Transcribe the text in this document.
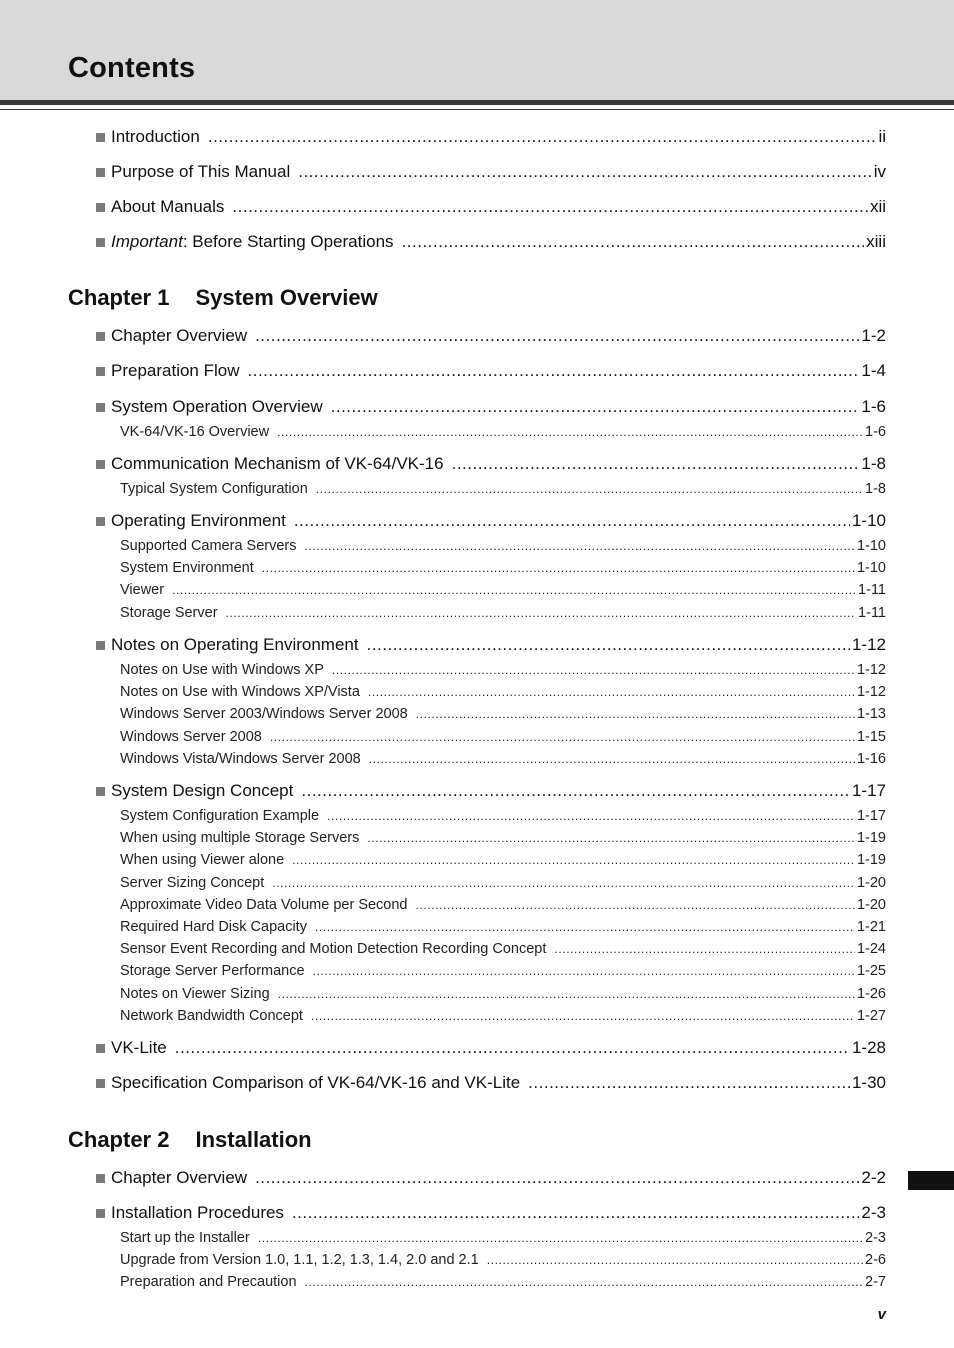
Contents
Introduction .....	ii
Purpose of This Manual .....	iv
About Manuals .....	xii
Important: Before Starting Operations .....	xiii
Chapter 1 System Overview
Chapter Overview .....	1-2
Preparation Flow .....	1-4
System Operation Overview .....	1-6
VK-64/VK-16 Overview .....	1-6
Communication Mechanism of VK-64/VK-16 .....	1-8
Typical System Configuration .....	1-8
Operating Environment .....	1-10
Supported Camera Servers .....	1-10
System Environment .....	1-10
Viewer .....	1-11
Storage Server .....	1-11
Notes on Operating Environment .....	1-12
Notes on Use with Windows XP .....	1-12
Notes on Use with Windows XP/Vista .....	1-12
Windows Server 2003/Windows Server 2008 .....	1-13
Windows Server 2008 .....	1-15
Windows Vista/Windows Server 2008 .....	1-16
System Design Concept .....	1-17
System Configuration Example .....	1-17
When using multiple Storage Servers .....	1-19
When using Viewer alone .....	1-19
Server Sizing Concept .....	1-20
Approximate Video Data Volume per Second .....	1-20
Required Hard Disk Capacity .....	1-21
Sensor Event Recording and Motion Detection Recording Concept .....	1-24
Storage Server Performance .....	1-25
Notes on Viewer Sizing .....	1-26
Network Bandwidth Concept .....	1-27
VK-Lite .....	1-28
Specification Comparison of VK-64/VK-16 and VK-Lite .....	1-30
Chapter 2 Installation
Chapter Overview .....	2-2
Installation Procedures .....	2-3
Start up the Installer .....	2-3
Upgrade from Version 1.0, 1.1, 1.2, 1.3, 1.4, 2.0 and 2.1 .....	2-6
Preparation and Precaution .....	2-7
v
